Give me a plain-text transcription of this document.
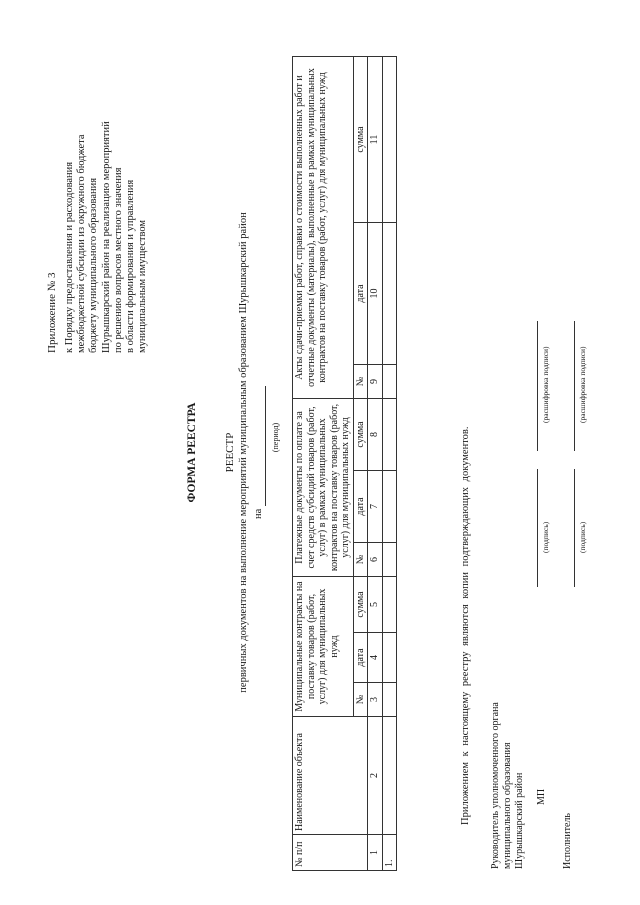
Приложение № 3 к Порядку предоставления и расходования межбюджетной субсидии из окружного бюджета бюджету муниципального образования Шурышкарский район на реализацию мероприятий по решению вопросов местного значения в области формирования и управления муниципальным имуществом
ФОРМА РЕЕСТРА РЕЕСТР первичных документов на выполнение мероприятий муниципальным образованием Шурышкарский район на
(период)
№ п/п	Наименование объекта	Муниципальные контракты на поставку товаров (работ, услуг) для муниципальных нужд			Платежные документы по оплате за счет средств субсидий товаров (работ, услуг) в рамках муниципальных контрактов на поставку товаров (работ, услуг) для муниципальных нужд			Акты сдачи-приемки работ, справки о стоимости выполненных работ и отчетные документы (материалы), выполненные в рамках муниципальных контрактов на поставку товаров (работ, услуг) для муниципальных нужд		
		№	дата	сумма	№	дата	сумма	№	дата	сумма
1	2	3	4	5	6	7	8	9	10	11
1.										
Приложением к настоящему реестру являются копии подтверждающих документов. Руководитель уполномоченного органа муниципального образования Шурышкарский район
(подпись)
(расшифровка подписи)
МП
Исполнитель
(подпись)
(расшифровка подписи)
